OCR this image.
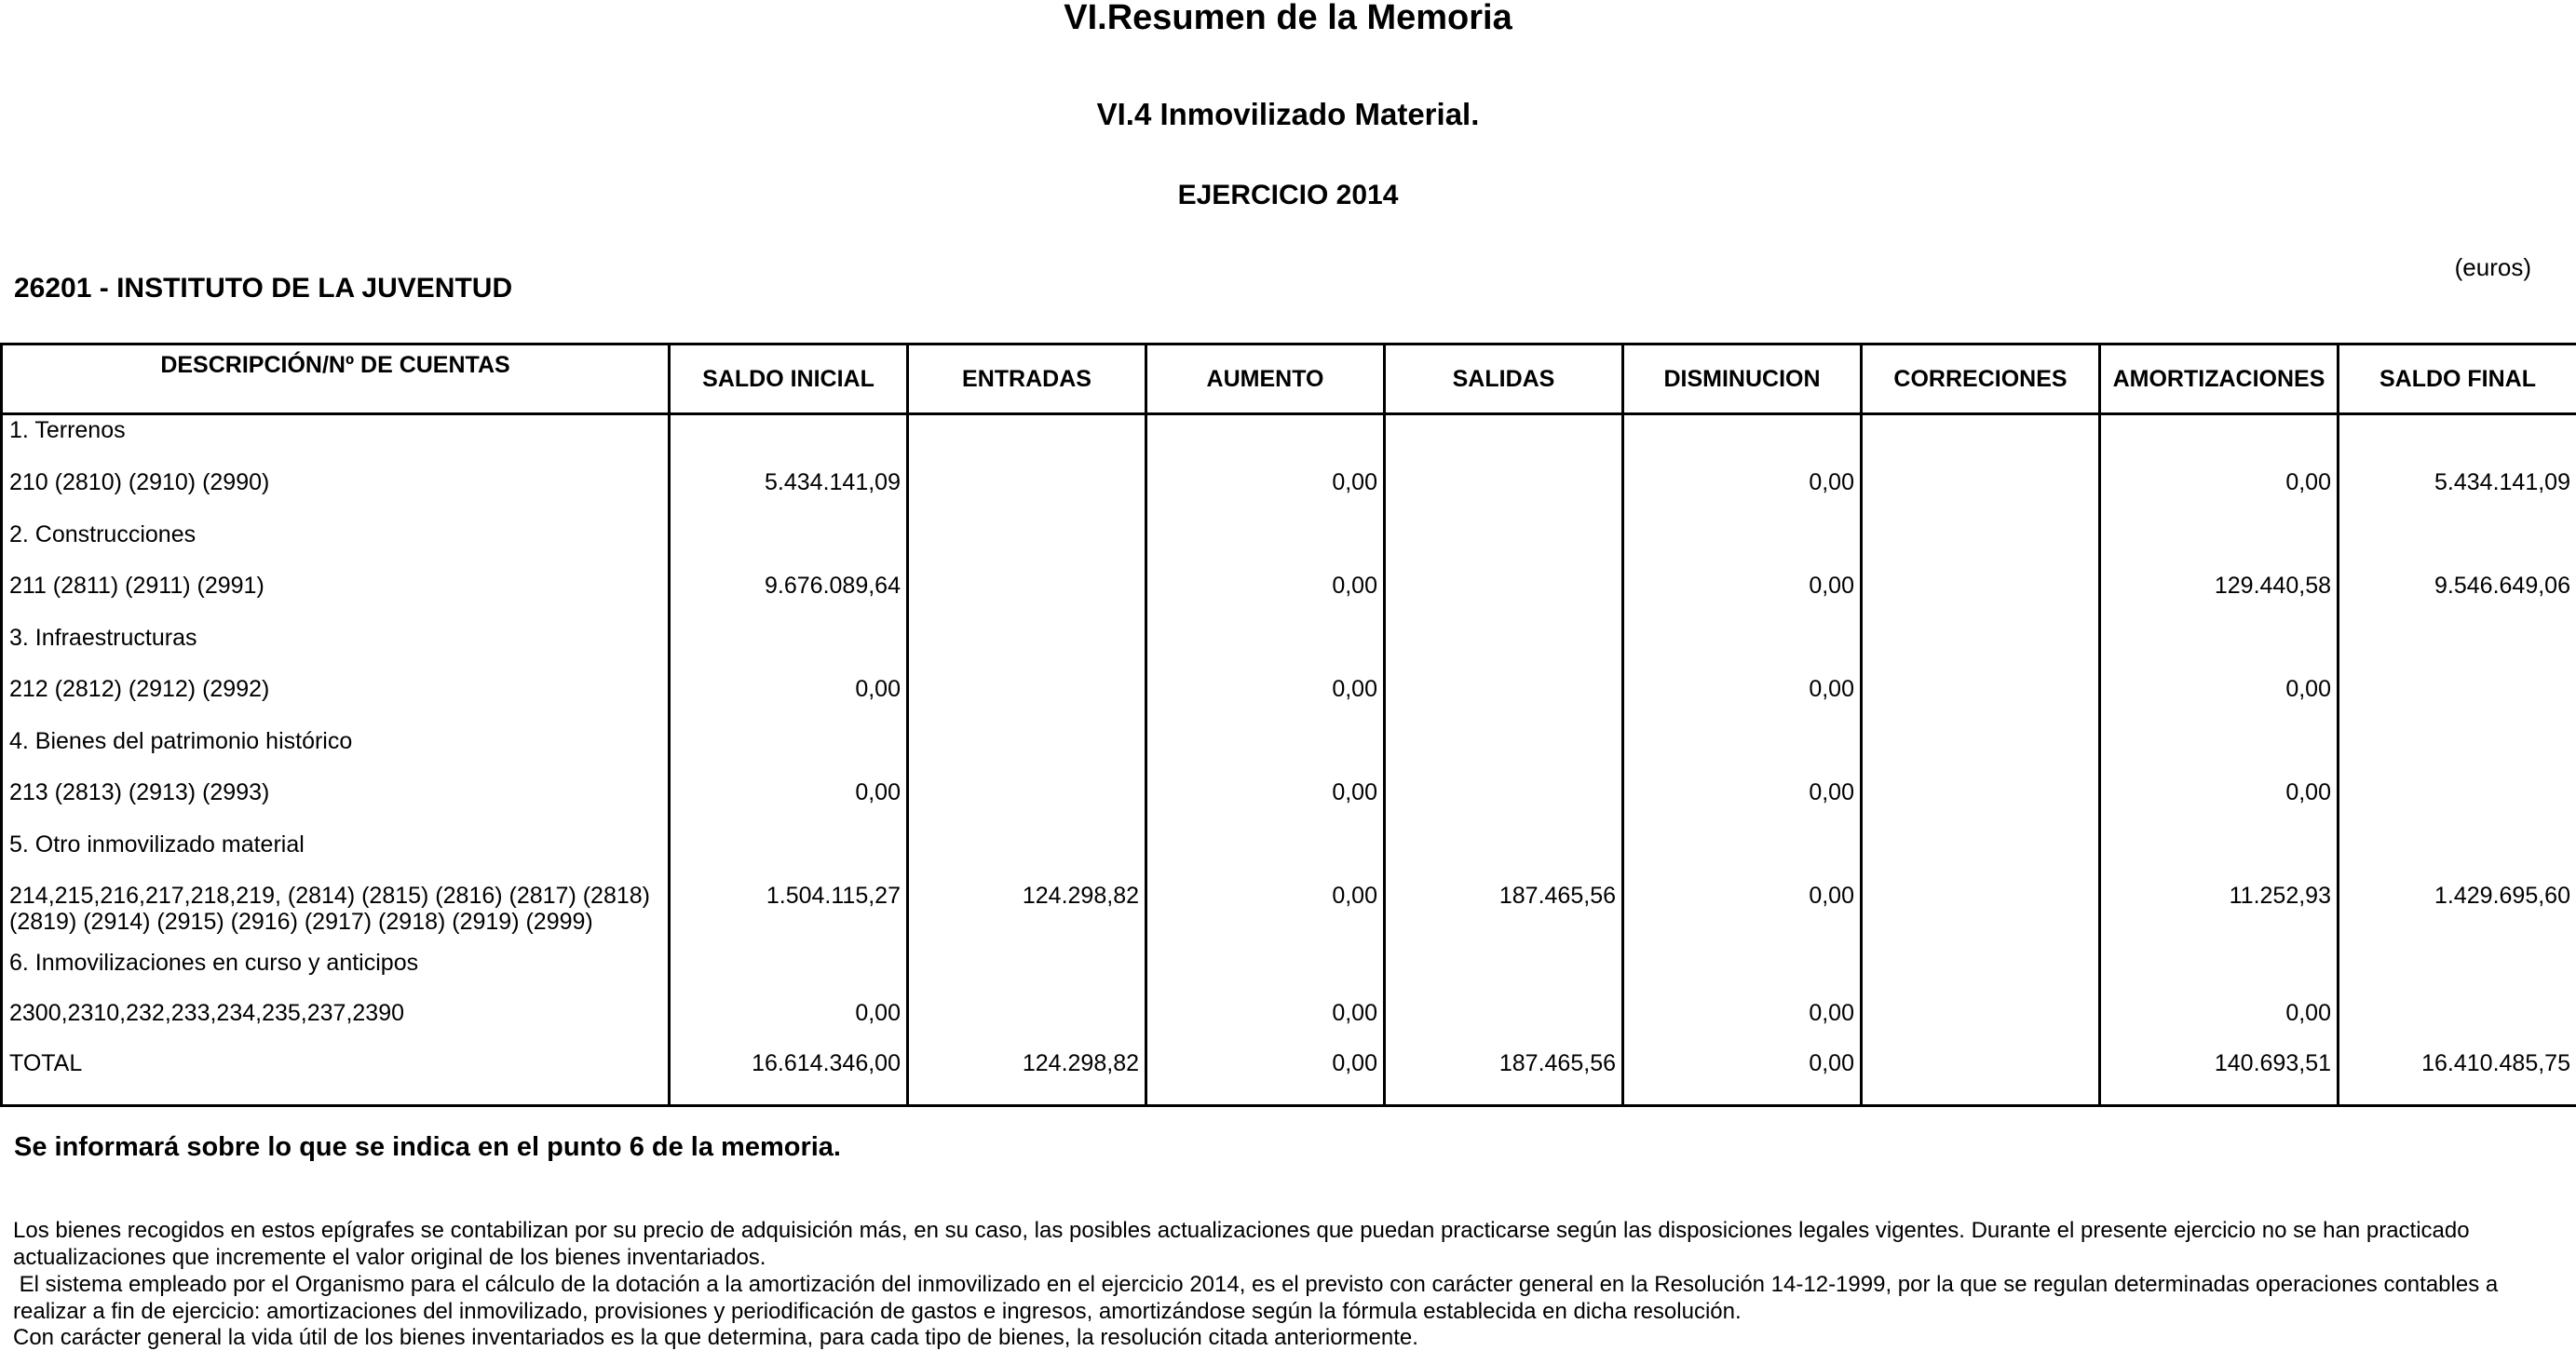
VI.Resumen de la Memoria
VI.4 Inmovilizado Material.
EJERCICIO 2014
(euros)
26201 - INSTITUTO DE LA JUVENTUD
DESCRIPCIÓN/Nº DE CUENTAS	SALDO INICIAL	ENTRADAS	AUMENTO	SALIDAS	DISMINUCION	CORRECIONES	AMORTIZACIONES	SALDO FINAL
1. Terrenos								
210 (2810) (2910) (2990)	5.434.141,09		0,00		0,00		0,00	5.434.141,09
2. Construcciones								
211 (2811) (2911) (2991)	9.676.089,64		0,00		0,00		129.440,58	9.546.649,06
3. Infraestructuras								
212 (2812) (2912) (2992)	0,00		0,00		0,00		0,00	
4. Bienes del patrimonio histórico								
213 (2813) (2913) (2993)	0,00		0,00		0,00		0,00	
5. Otro inmovilizado material								
214,215,216,217,218,219, (2814) (2815) (2816) (2817) (2818) (2819) (2914) (2915) (2916) (2917) (2918) (2919) (2999)	1.504.115,27	124.298,82	0,00	187.465,56	0,00		11.252,93	1.429.695,60
6. Inmovilizaciones en curso y anticipos								
2300,2310,232,233,234,235,237,2390	0,00		0,00		0,00		0,00	
TOTAL	16.614.346,00	124.298,82	0,00	187.465,56	0,00		140.693,51	16.410.485,75
Se informará sobre lo que se indica en el punto 6 de la memoria.
Los bienes recogidos en estos epígrafes se contabilizan por su precio de adquisición más, en su caso, las posibles actualizaciones que puedan practicarse según las disposiciones legales vigentes. Durante el presente ejercicio no se han practicado actualizaciones que incremente el valor original de los bienes inventariados.
El sistema empleado por el Organismo para el cálculo de la dotación a la amortización del inmovilizado en el ejercicio 2014, es el previsto con carácter general en la Resolución 14-12-1999, por la que se regulan determinadas operaciones contables a realizar a fin de ejercicio: amortizaciones del inmovilizado, provisiones y periodificación de gastos e ingresos, amortizándose según la fórmula establecida en dicha resolución.
Con carácter general la vida útil de los bienes inventariados es la que determina, para cada tipo de bienes, la resolución citada anteriormente.
